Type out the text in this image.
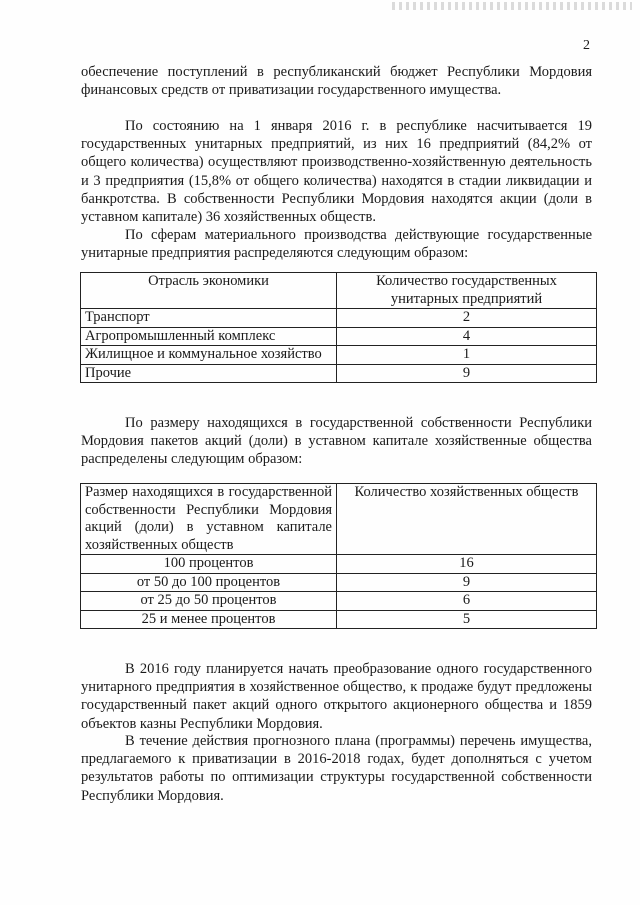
2

обеспечение поступлений в республиканский бюджет Республики Мордовия финансовых средств от приватизации государственного имущества.

По состоянию на 1 января 2016 г. в республике насчитывается 19 государственных унитарных предприятий, из них 16 предприятий (84,2% от общего количества) осуществляют производственно-хозяйственную деятельность и 3 предприятия (15,8% от общего количества) находятся в стадии ликвидации и банкротства. В собственности Республики Мордовия находятся акции (доли в уставном капитале) 36 хозяйственных обществ.

По сферам материального производства действующие государственные унитарные предприятия распределяются следующим образом:

Отрасль экономики	Количество государственных унитарных предприятий
Транспорт	2
Агропромышленный комплекс	4
Жилищное и коммунальное хозяйство	1
Прочие	9

По размеру находящихся в государственной собственности Республики Мордовия пакетов акций (доли) в уставном капитале хозяйственные общества распределены следующим образом:

Размер находящихся в государственной собственности Республики Мордовия акций (доли) в уставном капитале хозяйственных обществ	Количество хозяйственных обществ
100 процентов	16
от 50 до 100 процентов	9
от 25 до 50 процентов	6
25 и менее процентов	5

В 2016 году планируется начать преобразование одного государственного унитарного предприятия в хозяйственное общество, к продаже будут предложены государственный пакет акций одного открытого акционерного общества и 1859 объектов казны Республики Мордовия.

В течение действия прогнозного плана (программы) перечень имущества, предлагаемого к приватизации в 2016-2018 годах, будет дополняться с учетом результатов работы по оптимизации структуры государственной собственности Республики Мордовия.
